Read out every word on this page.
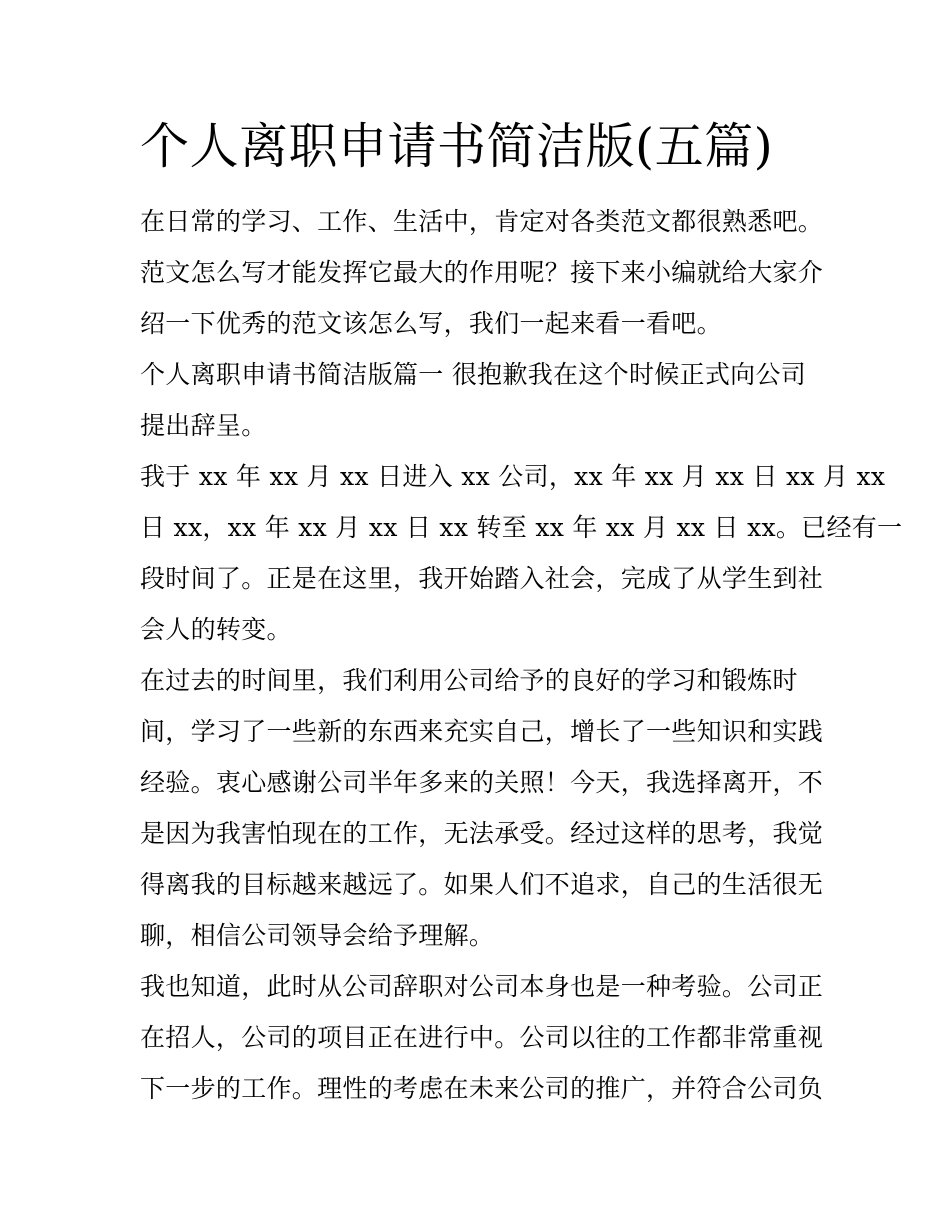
个人离职申请书简洁版(五篇)
在日常的学习、工作、生活中，肯定对各类范文都很熟悉吧。
范文怎么写才能发挥它最大的作用呢？接下来小编就给大家介
绍一下优秀的范文该怎么写，我们一起来看一看吧。
个人离职申请书简洁版篇一 很抱歉我在这个时候正式向公司
提出辞呈。
我于 xx 年 xx 月 xx 日进入 xx 公司，xx 年 xx 月 xx 日 xx 月 xx
日 xx，xx 年 xx 月 xx 日 xx 转至 xx 年 xx 月 xx 日 xx。已经有一
段时间了。正是在这里，我开始踏入社会，完成了从学生到社
会人的转变。
在过去的时间里，我们利用公司给予的良好的学习和锻炼时
间，学习了一些新的东西来充实自己，增长了一些知识和实践
经验。衷心感谢公司半年多来的关照！今天，我选择离开，不
是因为我害怕现在的工作，无法承受。经过这样的思考，我觉
得离我的目标越来越远了。如果人们不追求，自己的生活很无
聊，相信公司领导会给予理解。
我也知道，此时从公司辞职对公司本身也是一种考验。公司正
在招人，公司的项目正在进行中。公司以往的工作都非常重视
下一步的工作。理性的考虑在未来公司的推广，并符合公司负
